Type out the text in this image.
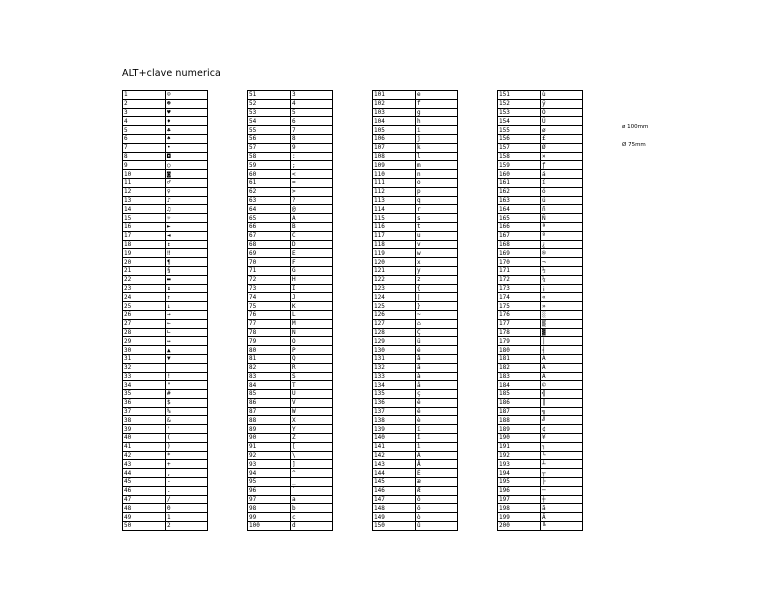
ALT+clave numerica
1	☺
2	☻
3	♥
4	♦
5	♣
6	♠
7	•
8	◘
9	○
10	◙
11	♂
12	♀
13	♪
14	♫
15	☼
16	►
17	◄
18	↕
19	‼
20	¶
21	§
22	▬
23	↨
24	↑
25	↓
26	→
27	←
28	∟
29	↔
30	▲
31	▼
32	
33	!
34	"
35	#
36	$
37	%
38	&
39	'
40	(
41	)
42	*
43	+
44	,
45	-
46	.
47	/
48	0
49	1
50	2
51	3
52	4
53	5
54	6
55	7
56	8
57	9
58	:
59	;
60	<
61	=
62	>
63	?
64	@
65	A
66	B
67	C
68	D
69	E
70	F
71	G
72	H
73	I
74	J
75	K
76	L
77	M
78	N
79	O
80	P
81	Q
82	R
83	S
84	T
85	U
86	V
87	W
88	X
89	Y
90	Z
91	[
92	\
93	]
94	^
95	_
96	`
97	a
98	b
99	c
100	d
101	e
102	f
103	g
104	h
105	i
106	j
107	k
108	l
109	m
110	n
111	o
112	p
113	q
114	r
115	s
116	t
117	u
118	v
119	w
120	x
121	y
122	z
123	{
124	|
125	}
126	~
127	⌂
128	Ç
129	ü
130	é
131	â
132	ä
133	à
134	å
135	ç
136	ê
137	ë
138	è
139	ï
140	î
141	ì
142	Ä
143	Å
144	É
145	æ
146	Æ
147	ô
148	ö
149	ò
150	û
151	ù
152	ÿ
153	Ö
154	Ü
155	ø
156	£
157	Ø
158	×
159	ƒ
160	á
161	í
162	ó
163	ú
164	ñ
165	Ñ
166	ª
167	º
168	¿
169	®
170	¬
171	½
172	¼
173	¡
174	«
175	»
176	░
177	▒
178	▓
179	│
180	┤
181	Á
182	Â
183	À
184	©
185	╣
186	║
187	╗
188	╝
189	¢
190	¥
191	┐
192	└
193	┴
194	┬
195	├
196	─
197	┼
198	ã
199	Ã
200	╚
ø 100mm
Ø 75mm
